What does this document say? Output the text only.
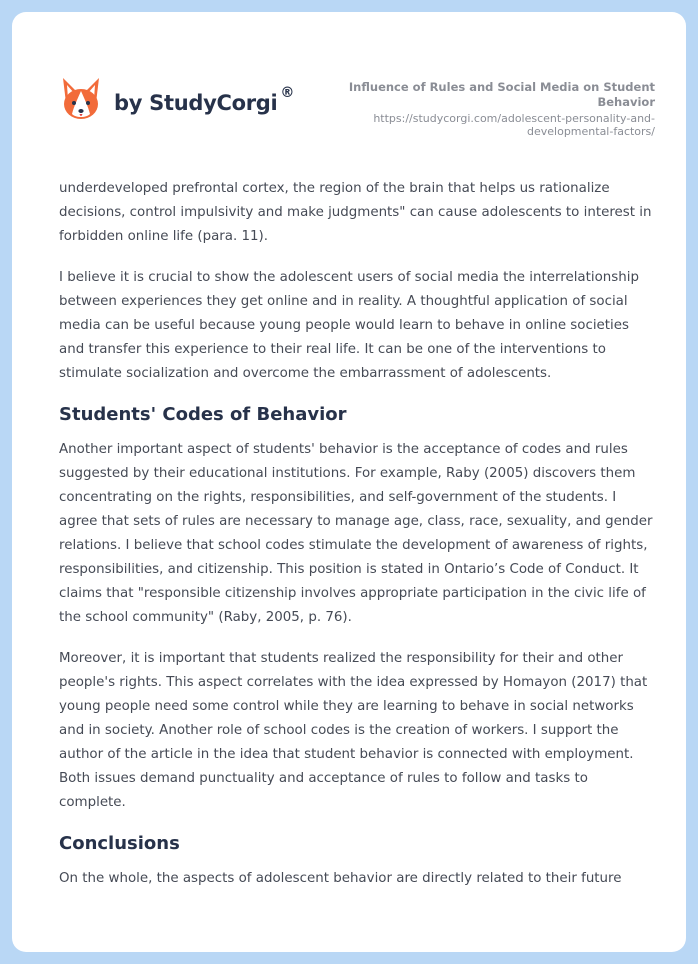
by StudyCorgi ®	Influence of Rules and Social Media on Student Behavior
https://studycorgi.com/adolescent-personality-and-
developmental-factors/

underdeveloped prefrontal cortex, the region of the brain that helps us rationalize decisions, control impulsivity and make judgments" can cause adolescents to interest in forbidden online life (para. 11).

I believe it is crucial to show the adolescent users of social media the interrelationship between experiences they get online and in reality. A thoughtful application of social media can be useful because young people would learn to behave in online societies and transfer this experience to their real life. It can be one of the interventions to stimulate socialization and overcome the embarrassment of adolescents.

Students' Codes of Behavior

Another important aspect of students' behavior is the acceptance of codes and rules suggested by their educational institutions. For example, Raby (2005) discovers them concentrating on the rights, responsibilities, and self-government of the students. I agree that sets of rules are necessary to manage age, class, race, sexuality, and gender relations. I believe that school codes stimulate the development of awareness of rights, responsibilities, and citizenship. This position is stated in Ontario’s Code of Conduct. It claims that "responsible citizenship involves appropriate participation in the civic life of the school community" (Raby, 2005, p. 76).

Moreover, it is important that students realized the responsibility for their and other people's rights. This aspect correlates with the idea expressed by Homayon (2017) that young people need some control while they are learning to behave in social networks and in society. Another role of school codes is the creation of workers. I support the author of the article in the idea that student behavior is connected with employment. Both issues demand punctuality and acceptance of rules to follow and tasks to complete.

Conclusions

On the whole, the aspects of adolescent behavior are directly related to their future
